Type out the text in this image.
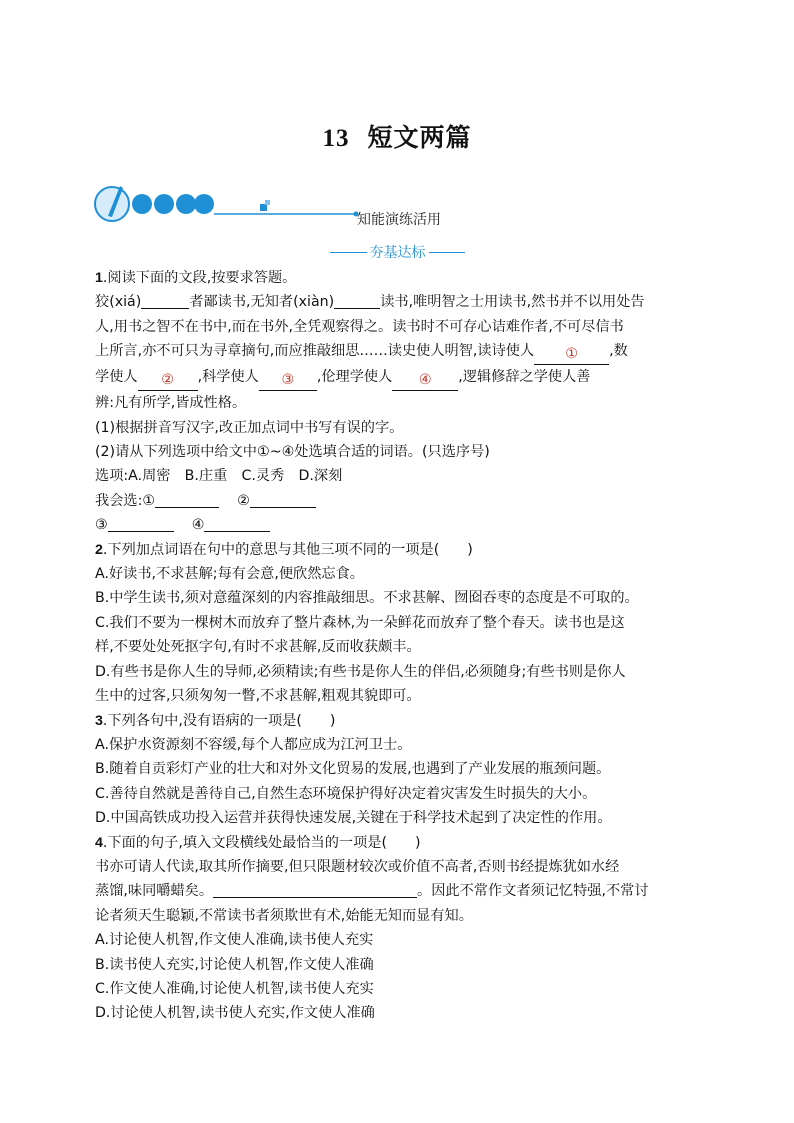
13 短文两篇
知能演练活用
夯基达标

1.阅读下面的文段,按要求答题。

狡(xiá)	者鄙读书,无知者(xiàn)	读书,唯明智之士用读书,然书并不以用处告

人,用书之智不在书中,而在书外,全凭观察得之。读书时不可存心诘难作者,不可尽信书

上所言,亦不可只为寻章摘句,而应推敲细思……读史使人明智,读诗使人 ① ,数

学使人 ② ,科学使人 ③ ,伦理学使人 ④ ,逻辑修辞之学使人善

辨:凡有所学,皆成性格。

(1)根据拼音写汉字,改正加点词中书写有误的字。

(2)请从下列选项中给文中①~④处选填合适的词语。(只选序号)

选项:A.周密　B.庄重　C.灵秀　D.深刻

我会选:①	②

③	④

2.下列加点词语在句中的意思与其他三项不同的一项是( )

A.好读书,不求甚解;每有会意,便欣然忘食。

B.中学生读书,须对意蕴深刻的内容推敲细思。不求甚解、囫囵吞枣的态度是不可取的。

C.我们不要为一棵树木而放弃了整片森林,为一朵鲜花而放弃了整个春天。读书也是这

样,不要处处死抠字句,有时不求甚解,反而收获颇丰。

D.有些书是你人生的导师,必须精读;有些书是你人生的伴侣,必须随身;有些书则是你人

生中的过客,只须匆匆一瞥,不求甚解,粗观其貌即可。

3.下列各句中,没有语病的一项是( )

A.保护水资源刻不容缓,每个人都应成为江河卫士。

B.随着自贡彩灯产业的壮大和对外文化贸易的发展,也遇到了产业发展的瓶颈问题。

C.善待自然就是善待自己,自然生态环境保护得好决定着灾害发生时损失的大小。

D.中国高铁成功投入运营并获得快速发展,关键在于科学技术起到了决定性的作用。

4.下面的句子,填入文段横线处最恰当的一项是( )

书亦可请人代读,取其所作摘要,但只限题材较次或价值不高者,否则书经提炼犹如水经

蒸馏,味同嚼蜡矣。	。因此不常作文者须记忆特强,不常讨

论者须天生聪颖,不常读书者须欺世有术,始能无知而显有知。

A.讨论使人机智,作文使人准确,读书使人充实

B.读书使人充实,讨论使人机智,作文使人准确

C.作文使人准确,讨论使人机智,读书使人充实

D.讨论使人机智,读书使人充实,作文使人准确
